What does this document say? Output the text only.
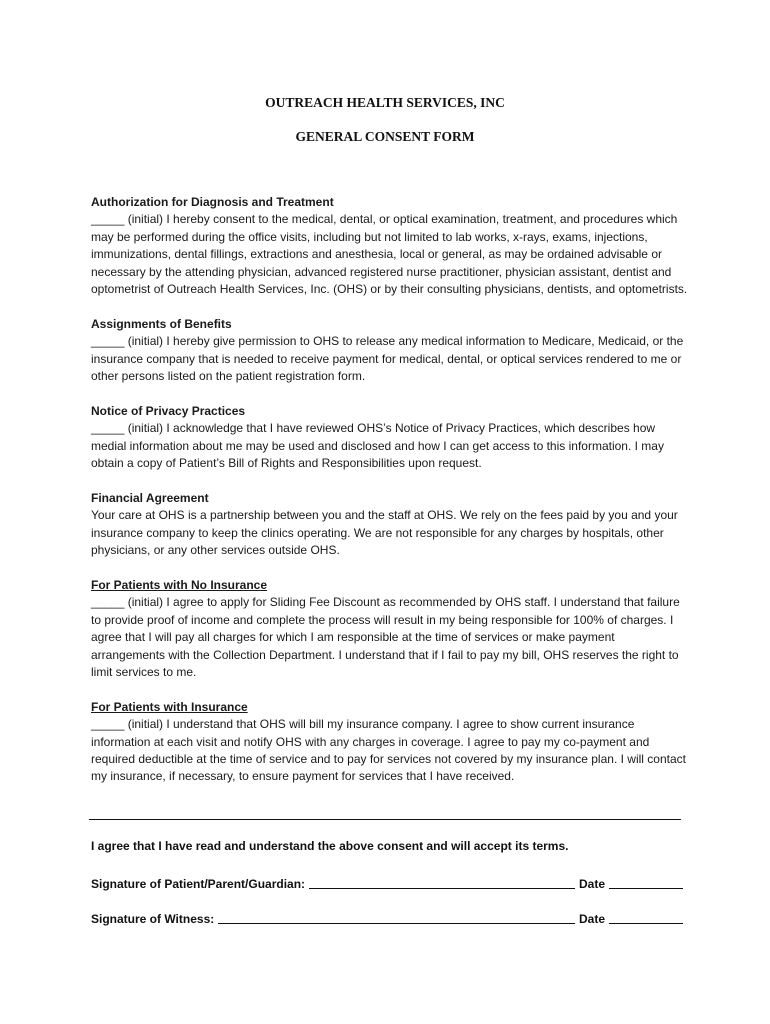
OUTREACH HEALTH SERVICES, INC
GENERAL CONSENT FORM
Authorization for Diagnosis and Treatment
_____ (initial) I hereby consent to the medical, dental, or optical examination, treatment, and procedures which may be performed during the office visits, including but not limited to lab works, x-rays, exams, injections, immunizations, dental fillings, extractions and anesthesia, local or general, as may be ordained advisable or necessary by the attending physician, advanced registered nurse practitioner, physician assistant, dentist and optometrist of Outreach Health Services, Inc. (OHS) or by their consulting physicians, dentists, and optometrists.
Assignments of Benefits
_____ (initial) I hereby give permission to OHS to release any medical information to Medicare, Medicaid, or the insurance company that is needed to receive payment for medical, dental, or optical services rendered to me or other persons listed on the patient registration form.
Notice of Privacy Practices
_____ (initial) I acknowledge that I have reviewed OHS’s Notice of Privacy Practices, which describes how medial information about me may be used and disclosed and how I can get access to this information. I may obtain a copy of Patient’s Bill of Rights and Responsibilities upon request.
Financial Agreement
Your care at OHS is a partnership between you and the staff at OHS. We rely on the fees paid by you and your insurance company to keep the clinics operating. We are not responsible for any charges by hospitals, other physicians, or any other services outside OHS.
For Patients with No Insurance
_____ (initial) I agree to apply for Sliding Fee Discount as recommended by OHS staff. I understand that failure to provide proof of income and complete the process will result in my being responsible for 100% of charges. I agree that I will pay all charges for which I am responsible at the time of services or make payment arrangements with the Collection Department. I understand that if I fail to pay my bill, OHS reserves the right to limit services to me.
For Patients with Insurance
_____ (initial) I understand that OHS will bill my insurance company. I agree to show current insurance information at each visit and notify OHS with any charges in coverage. I agree to pay my co-payment and required deductible at the time of service and to pay for services not covered by my insurance plan. I will contact my insurance, if necessary, to ensure payment for services that I have received.
I agree that I have read and understand the above consent and will accept its terms.
Signature of Patient/Parent/Guardian:	Date
Signature of Witness:	Date
